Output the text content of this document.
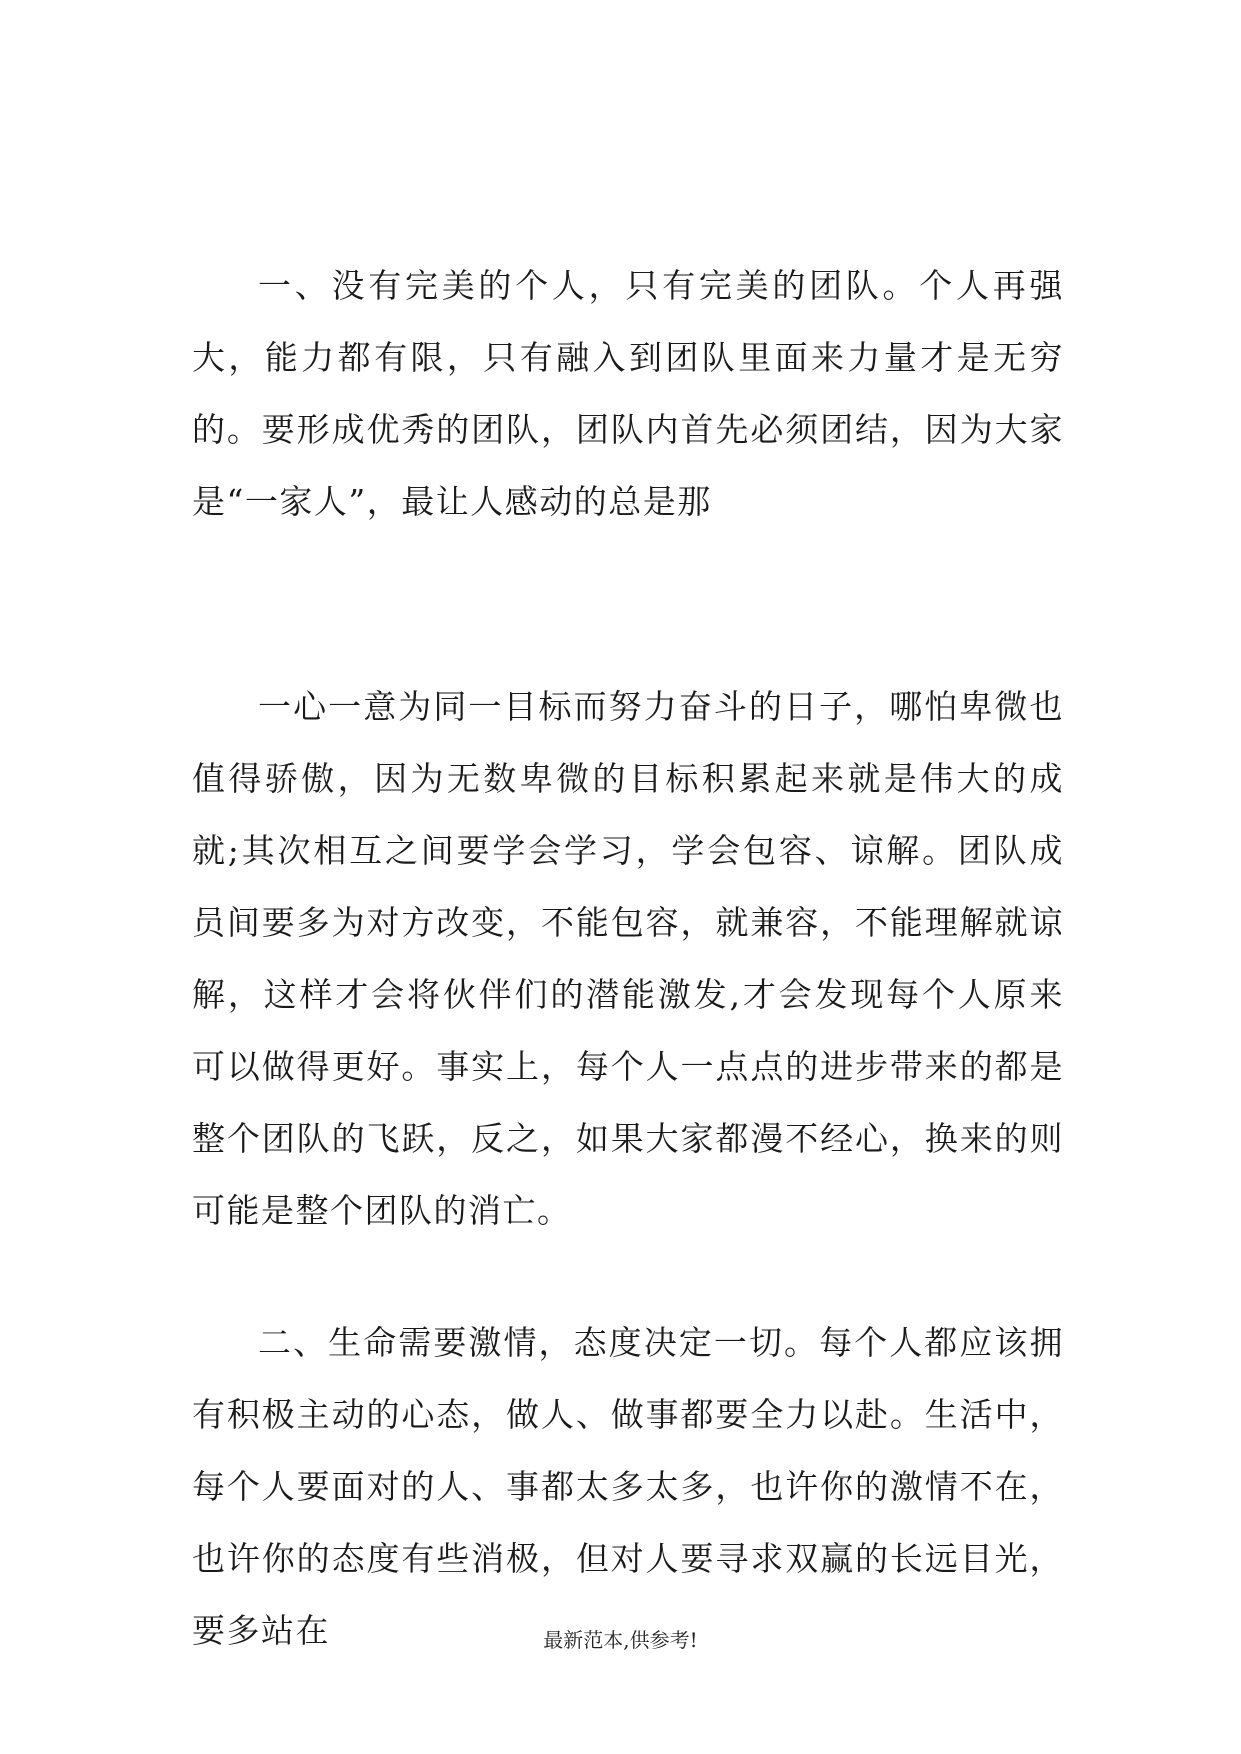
一、没有完美的个人，只有完美的团队。个人再强大，能力都有限，只有融入到团队里面来力量才是无穷的。要形成优秀的团队，团队内首先必须团结，因为大家是“一家人”，最让人感动的总是那

一心一意为同一目标而努力奋斗的日子，哪怕卑微也值得骄傲，因为无数卑微的目标积累起来就是伟大的成就;其次相互之间要学会学习，学会包容、谅解。团队成员间要多为对方改变，不能包容，就兼容，不能理解就谅解，这样才会将伙伴们的潜能激发,才会发现每个人原来可以做得更好。事实上，每个人一点点的进步带来的都是整个团队的飞跃，反之，如果大家都漫不经心，换来的则可能是整个团队的消亡。

二、生命需要激情，态度决定一切。每个人都应该拥有积极主动的心态，做人、做事都要全力以赴。生活中，每个人要面对的人、事都太多太多，也许你的激情不在，也许你的态度有些消极，但对人要寻求双赢的长远目光，要多站在	最新范本,供参考!
